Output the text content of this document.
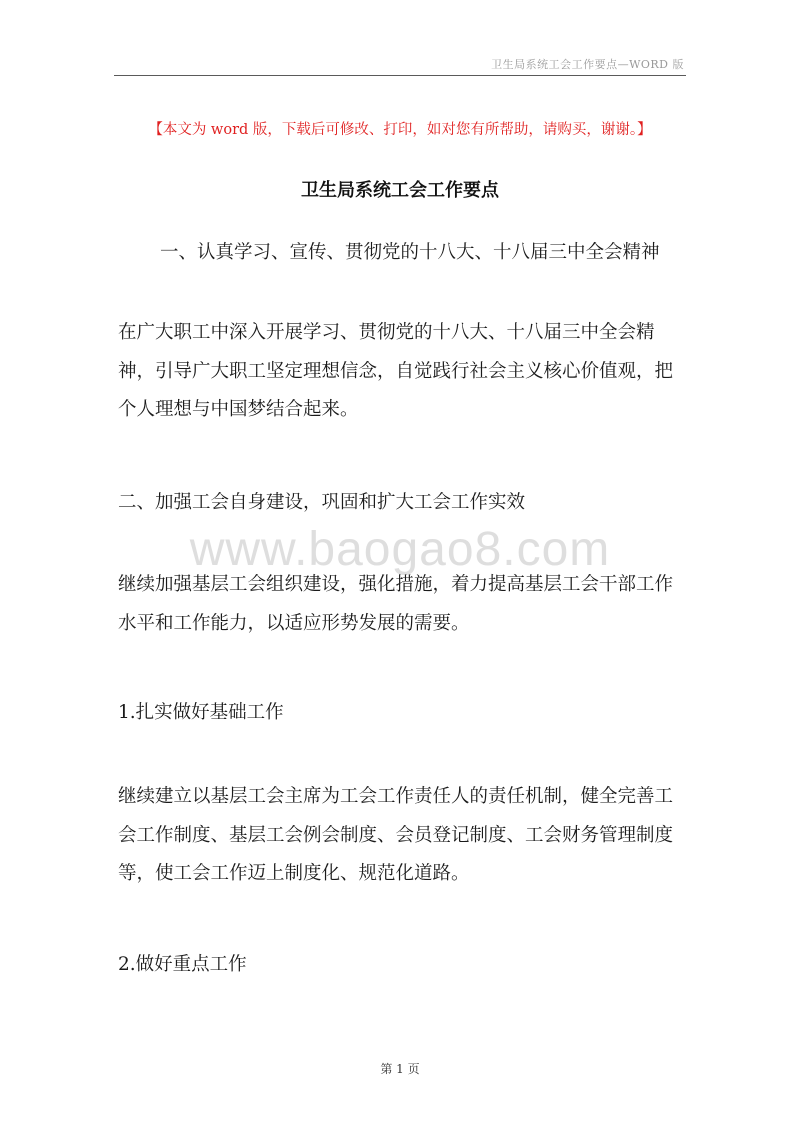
卫生局系统工会工作要点—WORD 版
【本文为 word 版，下载后可修改、打印，如对您有所帮助，请购买，谢谢。】
卫生局系统工会工作要点
一、认真学习、宣传、贯彻党的十八大、十八届三中全会精神
在广大职工中深入开展学习、贯彻党的十八大、十八届三中全会精神，引导广大职工坚定理想信念，自觉践行社会主义核心价值观，把个人理想与中国梦结合起来。
二、加强工会自身建设，巩固和扩大工会工作实效
www.baogao8.com
继续加强基层工会组织建设，强化措施，着力提高基层工会干部工作水平和工作能力，以适应形势发展的需要。
1.扎实做好基础工作
继续建立以基层工会主席为工会工作责任人的责任机制，健全完善工会工作制度、基层工会例会制度、会员登记制度、工会财务管理制度等，使工会工作迈上制度化、规范化道路。
2.做好重点工作
第 1 页
